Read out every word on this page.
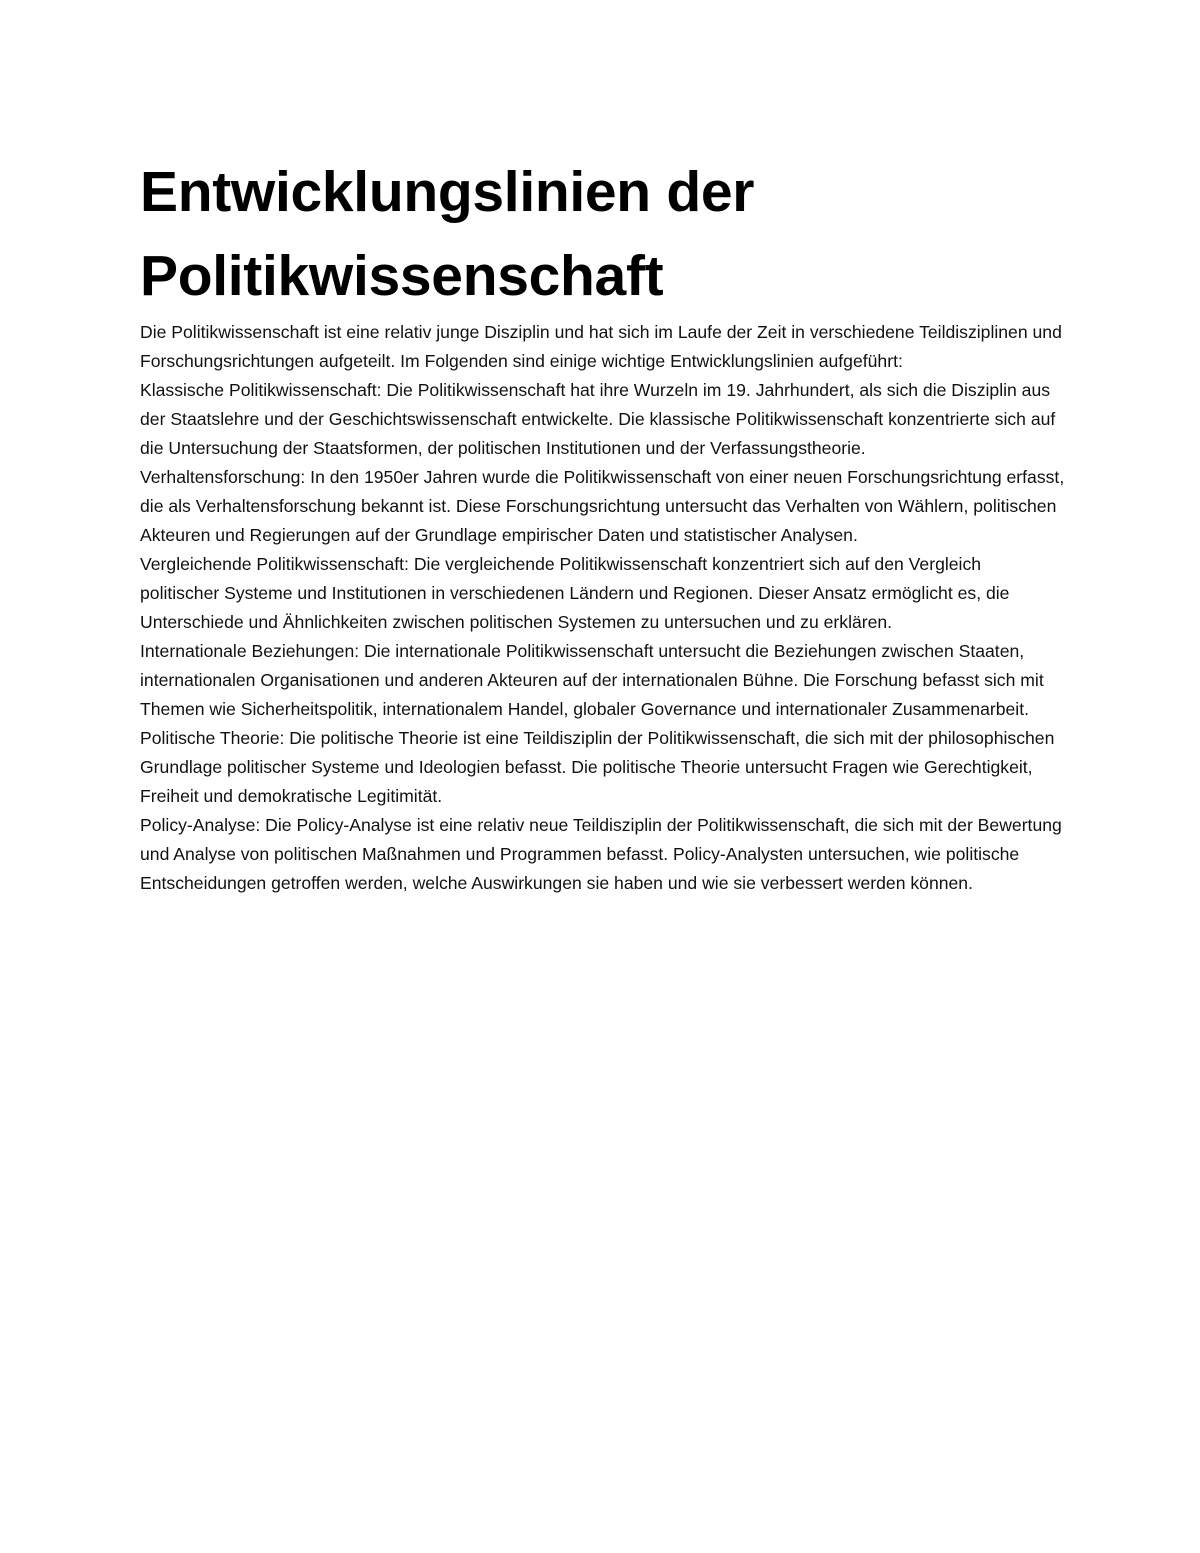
Entwicklungslinien der
Politikwissenschaft

Die Politikwissenschaft ist eine relativ junge Disziplin und hat sich im Laufe der Zeit in verschiedene Teildisziplinen und Forschungsrichtungen aufgeteilt. Im Folgenden sind einige wichtige Entwicklungslinien aufgeführt:

Klassische Politikwissenschaft: Die Politikwissenschaft hat ihre Wurzeln im 19. Jahrhundert, als sich die Disziplin aus der Staatslehre und der Geschichtswissenschaft entwickelte. Die klassische Politikwissenschaft konzentrierte sich auf die Untersuchung der Staatsformen, der politischen Institutionen und der Verfassungstheorie.

Verhaltensforschung: In den 1950er Jahren wurde die Politikwissenschaft von einer neuen Forschungsrichtung erfasst, die als Verhaltensforschung bekannt ist. Diese Forschungsrichtung untersucht das Verhalten von Wählern, politischen Akteuren und Regierungen auf der Grundlage empirischer Daten und statistischer Analysen.

Vergleichende Politikwissenschaft: Die vergleichende Politikwissenschaft konzentriert sich auf den Vergleich politischer Systeme und Institutionen in verschiedenen Ländern und Regionen. Dieser Ansatz ermöglicht es, die Unterschiede und Ähnlichkeiten zwischen politischen Systemen zu untersuchen und zu erklären.

Internationale Beziehungen: Die internationale Politikwissenschaft untersucht die Beziehungen zwischen Staaten, internationalen Organisationen und anderen Akteuren auf der internationalen Bühne. Die Forschung befasst sich mit Themen wie Sicherheitspolitik, internationalem Handel, globaler Governance und internationaler Zusammenarbeit.

Politische Theorie: Die politische Theorie ist eine Teildisziplin der Politikwissenschaft, die sich mit der philosophischen Grundlage politischer Systeme und Ideologien befasst. Die politische Theorie untersucht Fragen wie Gerechtigkeit, Freiheit und demokratische Legitimität.

Policy-Analyse: Die Policy-Analyse ist eine relativ neue Teildisziplin der Politikwissenschaft, die sich mit der Bewertung und Analyse von politischen Maßnahmen und Programmen befasst. Policy-Analysten untersuchen, wie politische Entscheidungen getroffen werden, welche Auswirkungen sie haben und wie sie verbessert werden können.
